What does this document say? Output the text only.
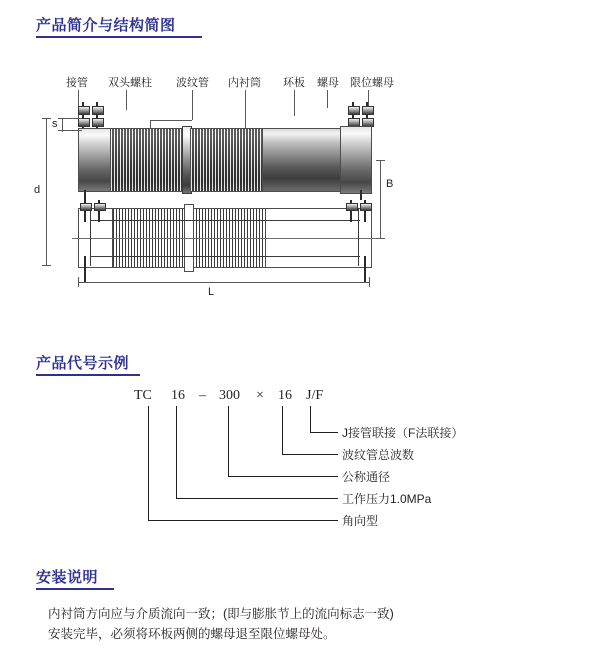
产品简介与结构简图
接管 双头螺柱 波纹管 内衬筒 环板 螺母 限位螺母
s
d	B
L
产品代号示例
TC 16 – 300 × 16 J/F
J接管联接（F法联接）
波纹管总波数
公称通径
工作压力1.0MPa
角向型
安装说明
内衬筒方向应与介质流向一致；(即与膨胀节上的流向标志一致)
安装完毕，必须将环板两侧的螺母退至限位螺母处。
